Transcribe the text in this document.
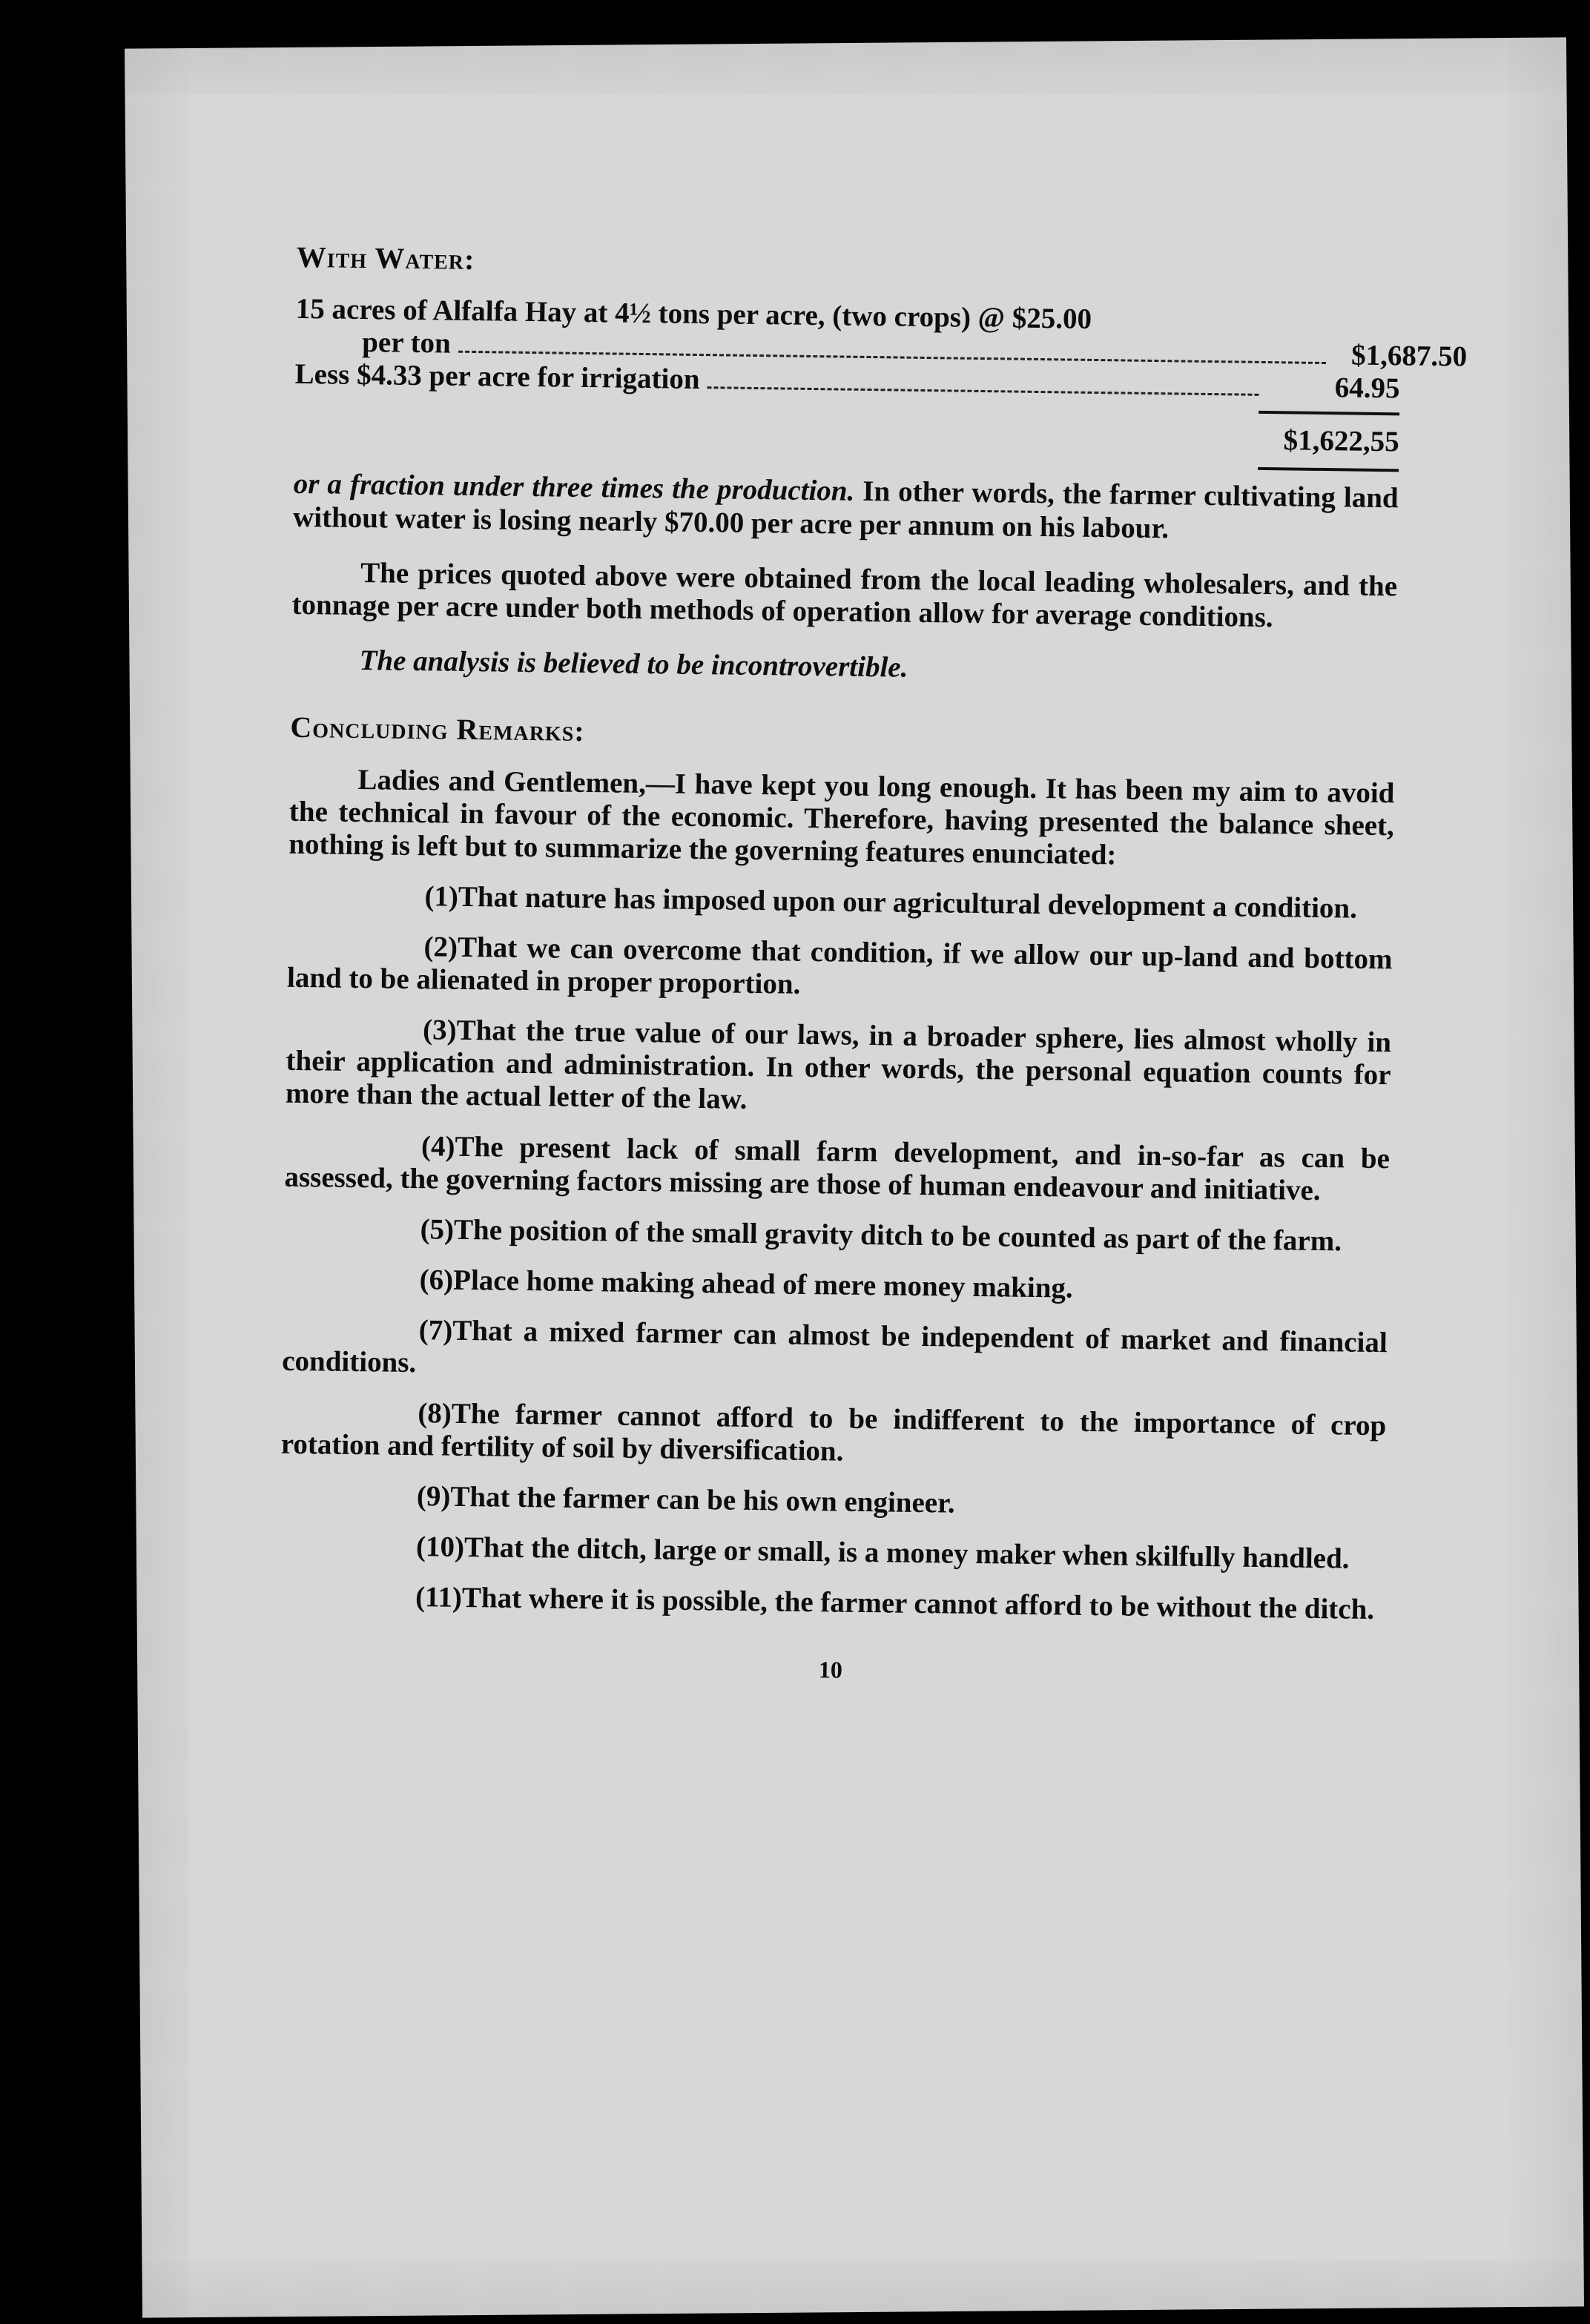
With Water:
15 acres of Alfalfa Hay at 4½ tons per acre, (two crops) @ $25.00
per ton	$1,687.50
Less $4.33 per acre for irrigation	64.95
$1,622,55

or a fraction under three times the production. In other words, the farmer cultivating land without water is losing nearly $70.00 per acre per annum on his labour.

The prices quoted above were obtained from the local leading wholesalers, and the tonnage per acre under both methods of operation allow for average conditions.

The analysis is believed to be incontrovertible.

Concluding Remarks:

Ladies and Gentlemen,—I have kept you long enough. It has been my aim to avoid the technical in favour of the economic. Therefore, having presented the balance sheet, nothing is left but to summarize the governing features enunciated:

(1)That nature has imposed upon our agricultural development a condition.

(2)That we can overcome that condition, if we allow our up-land and bottom land to be alienated in proper proportion.

(3)That the true value of our laws, in a broader sphere, lies almost wholly in their application and administration. In other words, the personal equation counts for more than the actual letter of the law.

(4)The present lack of small farm development, and in-so-far as can be assessed, the governing factors missing are those of human endeavour and initiative.

(5)The position of the small gravity ditch to be counted as part of the farm.

(6)Place home making ahead of mere money making.

(7)That a mixed farmer can almost be independent of market and financial conditions.

(8)The farmer cannot afford to be indifferent to the importance of crop rotation and fertility of soil by diversification.

(9)That the farmer can be his own engineer.

(10)That the ditch, large or small, is a money maker when skilfully handled.

(11)That where it is possible, the farmer cannot afford to be without the ditch.

10
